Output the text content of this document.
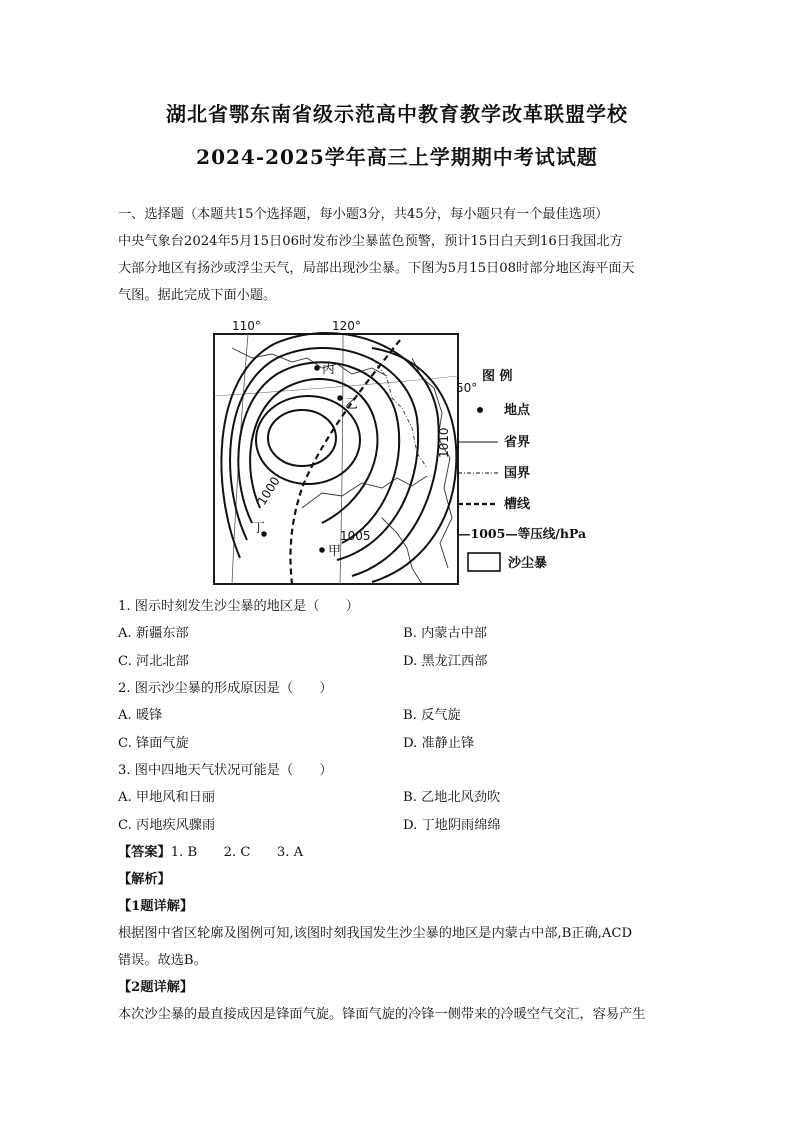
湖北省鄂东南省级示范高中教育教学改革联盟学校
2024-2025学年高三上学期期中考试试题
一、选择题（本题共15个选择题，每小题3分，共45分，每小题只有一个最佳选项）
中央气象台2024年5月15日06时发布沙尘暴蓝色预警，预计15日白天到16日我国北方
大部分地区有扬沙或浮尘天气，局部出现沙尘暴。下图为5月15日08时部分地区海平面天
气图。据此完成下面小题。
110°	120°
50°
1000
1005
1010
丙
乙
丁
甲
图 例
地点
省界
国界
槽线
—1005—等压线/hPa
沙尘暴
1. 图示时刻发生沙尘暴的地区是（　　）
A. 新疆东部	B. 内蒙古中部
C. 河北北部	D. 黑龙江西部
2. 图示沙尘暴的形成原因是（　　）
A. 暖锋	B. 反气旋
C. 锋面气旋	D. 准静止锋
3. 图中四地天气状况可能是（　　）
A. 甲地风和日丽	B. 乙地北风劲吹
C. 丙地疾风骤雨	D. 丁地阴雨绵绵
【答案】1. B　　2. C　　3. A
【解析】
【1题详解】
根据图中省区轮廓及图例可知,该图时刻我国发生沙尘暴的地区是内蒙古中部,B正确,ACD
错误。故选B。
【2题详解】
本次沙尘暴的最直接成因是锋面气旋。锋面气旋的冷锋一侧带来的冷暖空气交汇，容易产生
